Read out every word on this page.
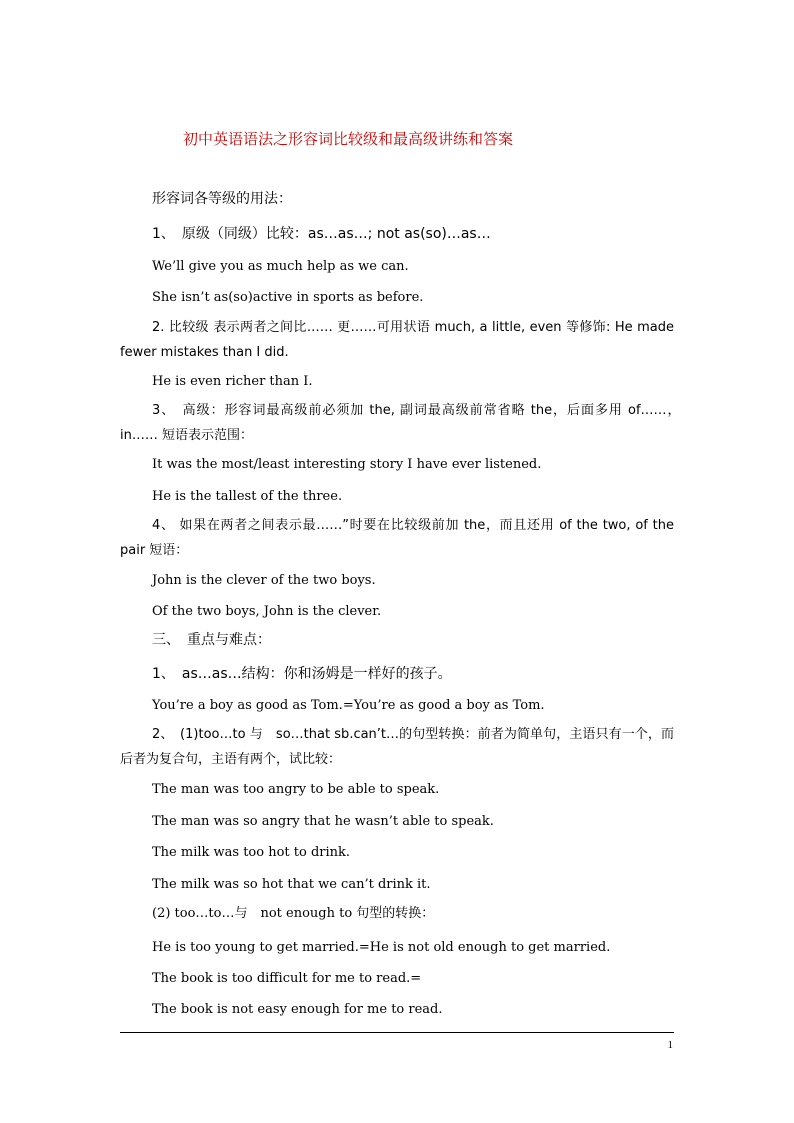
初中英语语法之形容词比较级和最高级讲练和答案
形容词各等级的用法：
1、　原级（同级）比较：as…as…; not as(so)…as…
We’ll give you as much help as we can.
She isn’t as(so)active in sports as before.
2. 比较级 表示两者之间比…… 更……可用状语 much, a little, even 等修饰: He made fewer mistakes than I did.
He is even richer than I.
3、　高级：形容词最高级前必须加 the, 副词最高级前常省略 the，后面多用 of……，　in…… 短语表示范围：
It was the most/least interesting story I have ever listened.
He is the tallest of the three.
4、 如果在两者之间表示最……”时要在比较级前加 the，而且还用 of the two, of the pair 短语：
John is the clever of the two boys.
Of the two boys, John is the clever.
三、　重点与难点：
1、　as…as…结构：你和汤姆是一样好的孩子。
You’re a boy as good as Tom.=You’re as good a boy as Tom.
2、　(1)too…to 与　so…that sb.can’t…的句型转换：前者为简单句，主语只有一个，而后者为复合句，主语有两个，试比较：
The man was too angry to be able to speak.
The man was so angry that he wasn’t able to speak.
The milk was too hot to drink.
The milk was so hot that we can’t drink it.
(2) too…to…与　not enough to 句型的转换：
He is too young to get married.=He is not old enough to get married.
The book is too difficult for me to read.=
The book is not easy enough for me to read.
1
